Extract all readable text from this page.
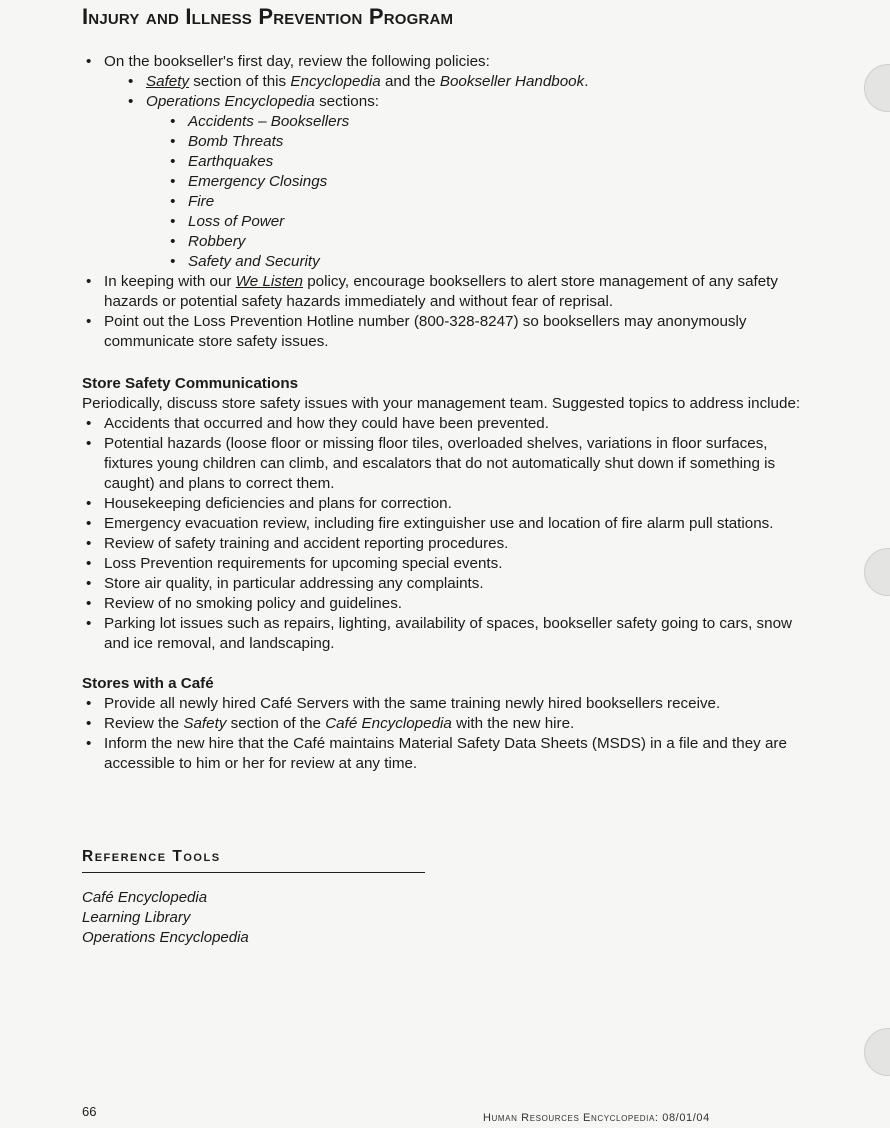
Injury and Illness Prevention Program
• On the bookseller's first day, review the following policies:
• Safety section of this Encyclopedia and the Bookseller Handbook.
• Operations Encyclopedia sections:
• Accidents – Booksellers
• Bomb Threats
• Earthquakes
• Emergency Closings
• Fire
• Loss of Power
• Robbery
• Safety and Security
• In keeping with our We Listen policy, encourage booksellers to alert store management of any safety hazards or potential safety hazards immediately and without fear of reprisal.
• Point out the Loss Prevention Hotline number (800-328-8247) so booksellers may anonymously communicate store safety issues.
Store Safety Communications

Periodically, discuss store safety issues with your management team. Suggested topics to address include:

• Accidents that occurred and how they could have been prevented.
• Potential hazards (loose floor or missing floor tiles, overloaded shelves, variations in floor surfaces, fixtures young children can climb, and escalators that do not automatically shut down if something is caught) and plans to correct them.
• Housekeeping deficiencies and plans for correction.
• Emergency evacuation review, including fire extinguisher use and location of fire alarm pull stations.
• Review of safety training and accident reporting procedures.
• Loss Prevention requirements for upcoming special events.
• Store air quality, in particular addressing any complaints.
• Review of no smoking policy and guidelines.
• Parking lot issues such as repairs, lighting, availability of spaces, bookseller safety going to cars, snow and ice removal, and landscaping.
Stores with a Café
• Provide all newly hired Café Servers with the same training newly hired booksellers receive.
• Review the Safety section of the Café Encyclopedia with the new hire.
• Inform the new hire that the Café maintains Material Safety Data Sheets (MSDS) in a file and they are accessible to him or her for review at any time.
Reference Tools
Café Encyclopedia
Learning Library
Operations Encyclopedia
66	Human Resources Encyclopedia: 08/01/04
